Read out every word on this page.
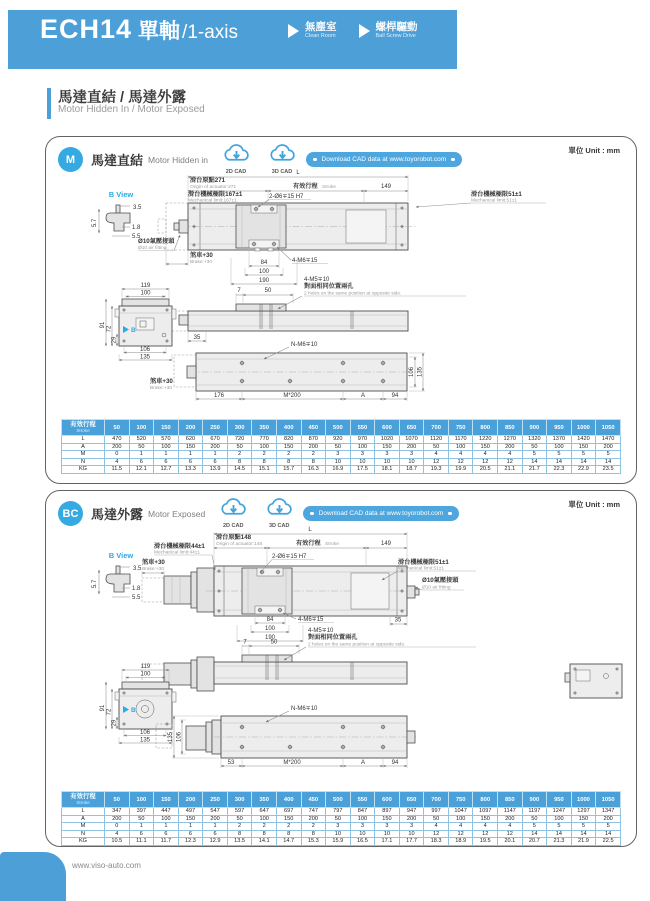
ECH14 單軸 /1-axis	無塵室
Clean Room
螺桿驅動
Ball Screw Drive
馬達直結 / 馬達外露
Motor Hidden In / Motor Exposed
單位 Unit : mm
M	馬達直結 Motor Hidden in
2D CAD	3D CAD
Download CAD data at www.toyorobot.com
B View
3.5
5.7
1.8
5.5
L
滑台原點271
Origin of actuator:271	有效行程 Stroke	149
滑台機械極限167±1
Mechanical limit:167±1
滑台機械極限51±1
Mechanical limit:51±1
2-Ø6∓15 H7
4-M6∓15
84
100
190
Ø10氣壓接頭
Ø10 air fitting
煞車+30
Brake:+30
7	50
4-M5∓10
對面相同位置兩孔
2 holes on the same position at opposite side.
35
119
100
91
72
29
106
135
B
N-M6∓10
106 135
176	M*200	A	94
煞車+30
Brake:+30
有效行程
Stroke	50	100	150	200	250	300	350	400	450	500	550	600	650	700	750	800	850	900	950	1000	1050
L	470	520	570	620	670	720	770	820	870	920	970	1020	1070	1120	1170	1220	1270	1320	1370	1420	1470
A	200	50	100	150	200	50	100	150	200	50	100	150	200	50	100	150	200	50	100	150	200
M	0	1	1	1	1	2	2	2	2	3	3	3	3	4	4	4	4	5	5	5	5
N	4	6	6	6	6	8	8	8	8	10	10	10	10	12	12	12	12	14	14	14	14
KG	11.5	12.1	12.7	13.3	13.9	14.5	15.1	15.7	16.3	16.9	17.5	18.1	18.7	19.3	19.9	20.5	21.1	21.7	22.3	22.9	23.5
單位 Unit : mm
BC 馬達外露 Motor Exposed
2D CAD	3D CAD
Download CAD data at www.toyorobot.com
B View
3.5
5.7
1.8
5.5
L
滑台原點148
Origin of actuator:148	有效行程 Stroke	149
滑台機械極限44±1
Mechanical limit:44±1
煞車+30
Brake:+30
2-Ø6∓15 H7
滑台機械極限51±1
Mechanical limit:51±1
Ø10氣壓接頭
Ø10 air fitting
4-M6∓15
84
100
190
35
7	50
4-M5∓10
對面相同位置兩孔
2 holes on the same position at opposite side.
119
100
91
72
29
106
135
B	N-M6∓10
135 106
53	M*200	A	94
有效行程
Stroke	50	100	150	200	250	300	350	400	450	500	550	600	650	700	750	800	850	900	950	1000	1050
L	347	397	447	497	547	597	647	697	747	797	847	897	947	997	1047	1097	1147	1197	1247	1297	1347
A	200	50	100	150	200	50	100	150	200	50	100	150	200	50	100	150	200	50	100	150	200
M	0	1	1	1	1	2	2	2	2	3	3	3	3	4	4	4	4	5	5	5	5
N	4	6	6	6	6	8	8	8	8	10	10	10	10	12	12	12	12	14	14	14	14
KG	10.5	11.1	11.7	12.3	12.9	13.5	14.1	14.7	15.3	15.9	16.5	17.1	17.7	18.3	18.9	19.5	20.1	20.7	21.3	21.9	22.5
www.viso-auto.com
